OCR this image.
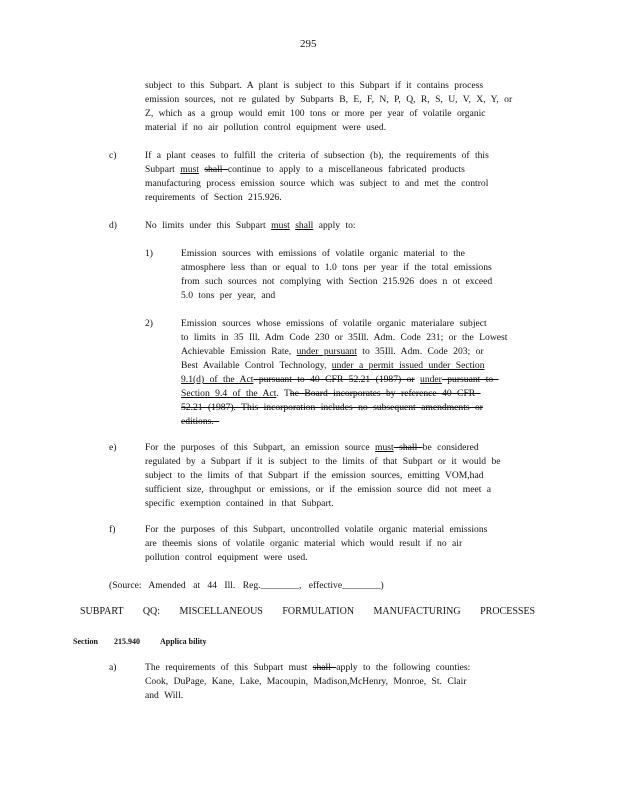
295
subject to this Subpart. A plant is subject to this Subpart if it contains process
emission sources, not re gulated by Subparts B, E, F, N, P, Q, R, S, U, V, X, Y, or
Z, which as a group would emit 100 tons or more per year of volatile organic
material if no air pollution control equipment were used.
c)	If a plant ceases to fulfill the criteria of subsection (b), the requirements of this
Subpart must shall continue to apply to a miscellaneous fabricated products
manufacturing process emission source which was subject to and met the control
requirements of Section 215.926.
d)	No limits under this Subpart must shall apply to:
1)	Emission sources with emissions of volatile organic material to the
atmosphere less than or equal to 1.0 tons per year if the total emissions
from such sources not complying with Section 215.926 does n ot exceed
5.0 tons per year, and
2)	Emission sources whose emissions of volatile organic materialare subject
to limits in 35 Ill. Adm Code 230 or 35Ill. Adm. Code 231; or the Lowest
Achievable Emission Rate, under pursuant to 35Ill. Adm. Code 203; or
Best Available Control Technology, under a permit issued under Section
9.1(d) of the Act pursuant to 40 CFR 52.21 (1987) or under pursuant to
Section 9.4 of the Act. The Board incorporates by reference 40 CFR
52.21 (1987). This incorporation includes no subsequent amendments or
editions.
e)	For the purposes of this Subpart, an emission source must shall be considered
regulated by a Subpart if it is subject to the limits of that Subpart or it would be
subject to the limits of that Subpart if the emission sources, emitting VOM,had
sufficient size, throughput or emissions, or if the emission source did not meet a
specific exemption contained in that Subpart.
f)	For the purposes of this Subpart, uncontrolled volatile organic material emissions
are theemis sions of volatile organic material which would result if no air
pollution control equipment were used.
(Source: Amended at 44 Ill. Reg.________, effective________)
SUBPART QQ: MISCELLANEOUS FORMULATION MANUFACTURING PROCESSES
Section 215.940	Applica bility
a)	The requirements of this Subpart must shall apply to the following counties:
Cook, DuPage, Kane, Lake, Macoupin, Madison,McHenry, Monroe, St. Clair
and Will.
